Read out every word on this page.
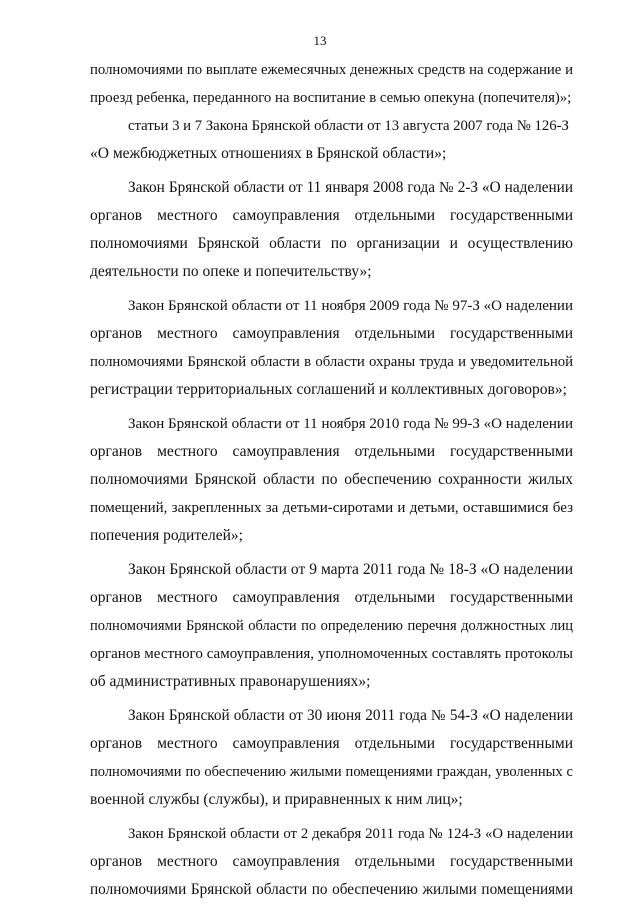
13
полномочиями по выплате ежемесячных денежных средств на содержание и
проезд ребенка, переданного на воспитание в семью опекуна (попечителя)»;
статьи 3 и 7 Закона Брянской области от 13 августа 2007 года № 126-З
«О межбюджетных отношениях в Брянской области»;
Закон Брянской области от 11 января 2008 года № 2-З «О наделении
органов местного самоуправления отдельными государственными
полномочиями Брянской области по организации и осуществлению
деятельности по опеке и попечительству»;
Закон Брянской области от 11 ноября 2009 года № 97-З «О наделении
органов местного самоуправления отдельными государственными
полномочиями Брянской области в области охраны труда и уведомительной
регистрации территориальных соглашений и коллективных договоров»;
Закон Брянской области от 11 ноября 2010 года № 99-З «О наделении
органов местного самоуправления отдельными государственными
полномочиями Брянской области по обеспечению сохранности жилых
помещений, закрепленных за детьми-сиротами и детьми, оставшимися без
попечения родителей»;
Закон Брянской области от 9 марта 2011 года № 18-З «О наделении
органов местного самоуправления отдельными государственными
полномочиями Брянской области по определению перечня должностных лиц
органов местного самоуправления, уполномоченных составлять протоколы
об административных правонарушениях»;
Закон Брянской области от 30 июня 2011 года № 54-З «О наделении
органов местного самоуправления отдельными государственными
полномочиями по обеспечению жилыми помещениями граждан, уволенных с
военной службы (службы), и приравненных к ним лиц»;
Закон Брянской области от 2 декабря 2011 года № 124-З «О наделении
органов местного самоуправления отдельными государственными
полномочиями Брянской области по обеспечению жилыми помещениями
